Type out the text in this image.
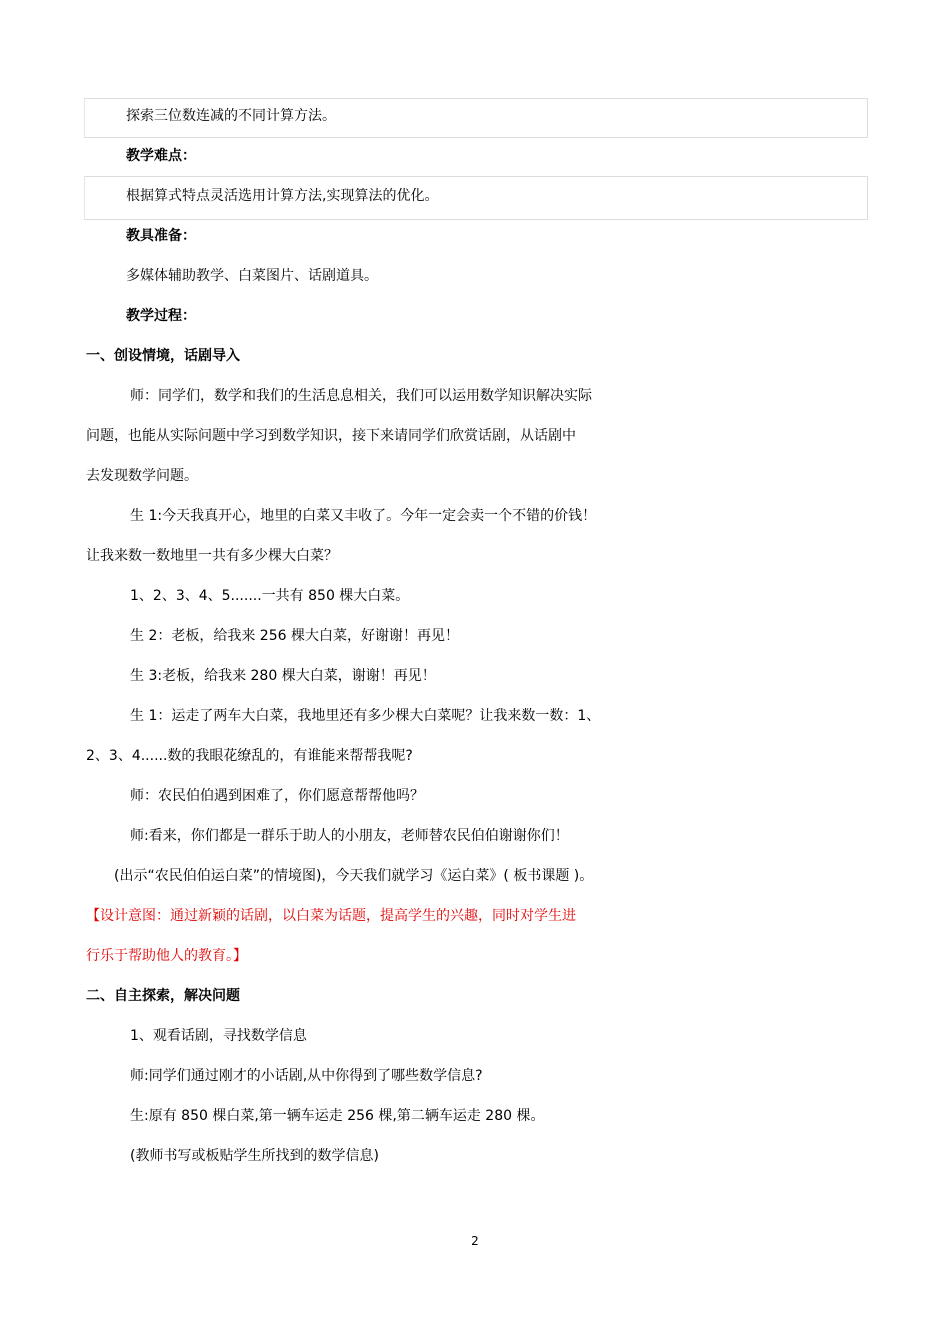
探索三位数连减的不同计算方法。
教学难点：
根据算式特点灵活选用计算方法,实现算法的优化。
教具准备：
多媒体辅助教学、白菜图片、话剧道具。
教学过程：
一、创设情境，话剧导入
师：同学们，数学和我们的生活息息相关，我们可以运用数学知识解决实际
问题，也能从实际问题中学习到数学知识，接下来请同学们欣赏话剧，从话剧中
去发现数学问题。
生 1:今天我真开心，地里的白菜又丰收了。今年一定会卖一个不错的价钱！
让我来数一数地里一共有多少棵大白菜？
1、2、3、4、5.......一共有 850 棵大白菜。
生 2：老板，给我来 256 棵大白菜，好谢谢！再见！
生 3:老板，给我来 280 棵大白菜，谢谢！再见！
生 1：运走了两车大白菜，我地里还有多少棵大白菜呢？让我来数一数：1、
2、3、4......数的我眼花缭乱的，有谁能来帮帮我呢?
师：农民伯伯遇到困难了，你们愿意帮帮他吗？
师:看来，你们都是一群乐于助人的小朋友，老师替农民伯伯谢谢你们！
(出示“农民伯伯运白菜”的情境图)，今天我们就学习《运白菜》( 板书课题 )。
【设计意图：通过新颖的话剧，以白菜为话题，提高学生的兴趣，同时对学生进
行乐于帮助他人的教育。】
二、自主探索，解决问题
1、观看话剧，寻找数学信息
师:同学们通过刚才的小话剧,从中你得到了哪些数学信息?
生:原有 850 棵白菜,第一辆车运走 256 棵,第二辆车运走 280 棵。
(教师书写或板贴学生所找到的数学信息)
2
